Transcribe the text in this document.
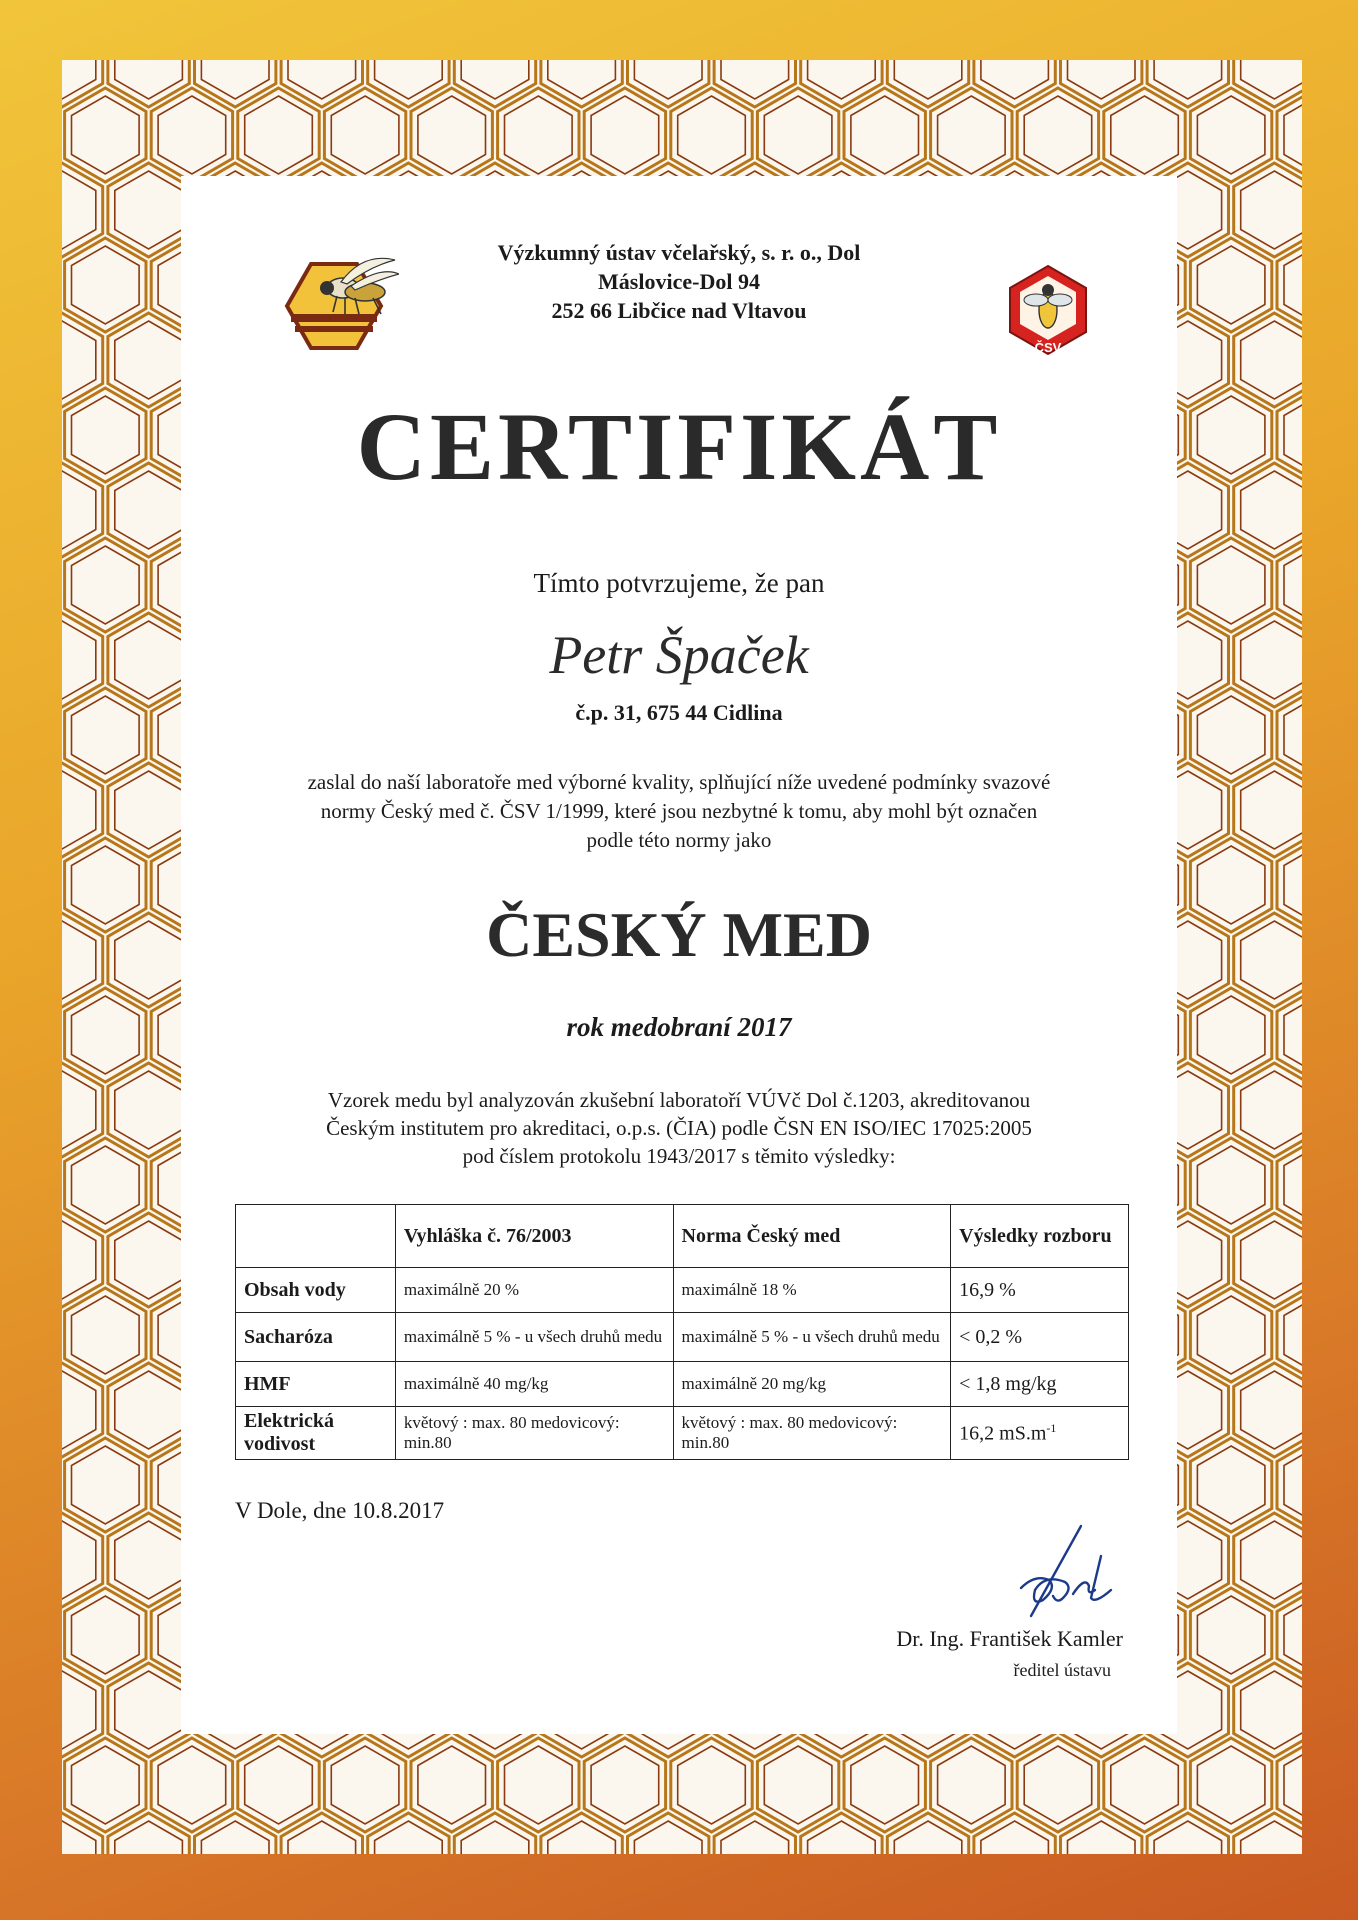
Výzkumný ústav včelařský, s. r. o., Dol
Máslovice-Dol 94
252 66 Libčice nad Vltavou
ČSV
CERTIFIKÁT
Tímto potvrzujeme, že pan
Petr Špaček
č.p. 31, 675 44 Cidlina
zaslal do naší laboratoře med výborné kvality, splňující níže uvedené podmínky svazové
normy Český med č. ČSV 1/1999, které jsou nezbytné k tomu, aby mohl být označen
podle této normy jako
ČESKÝ MED
rok medobraní 2017
Vzorek medu byl analyzován zkušební laboratoří VÚVč Dol č.1203, akreditovanou
Českým institutem pro akreditaci, o.p.s. (ČIA) podle ČSN EN ISO/IEC 17025:2005
pod číslem protokolu 1943/2017 s těmito výsledky:
	Vyhláška č. 76/2003	Norma Český med	Výsledky rozboru
Obsah vody	maximálně 20 %	maximálně 18 %	16,9 %
Sacharóza	maximálně 5 % - u všech druhů medu	maximálně 5 % - u všech druhů medu	< 0,2 %
HMF	maximálně 40 mg/kg	maximálně 20 mg/kg	< 1,8 mg/kg
Elektrická vodivost	květový : max. 80 medovicový: min.80	květový : max. 80 medovicový: min.80	16,2 $mS.m^{-1}$
V Dole, dne 10.8.2017
Dr. Ing. František Kamler
ředitel ústavu
